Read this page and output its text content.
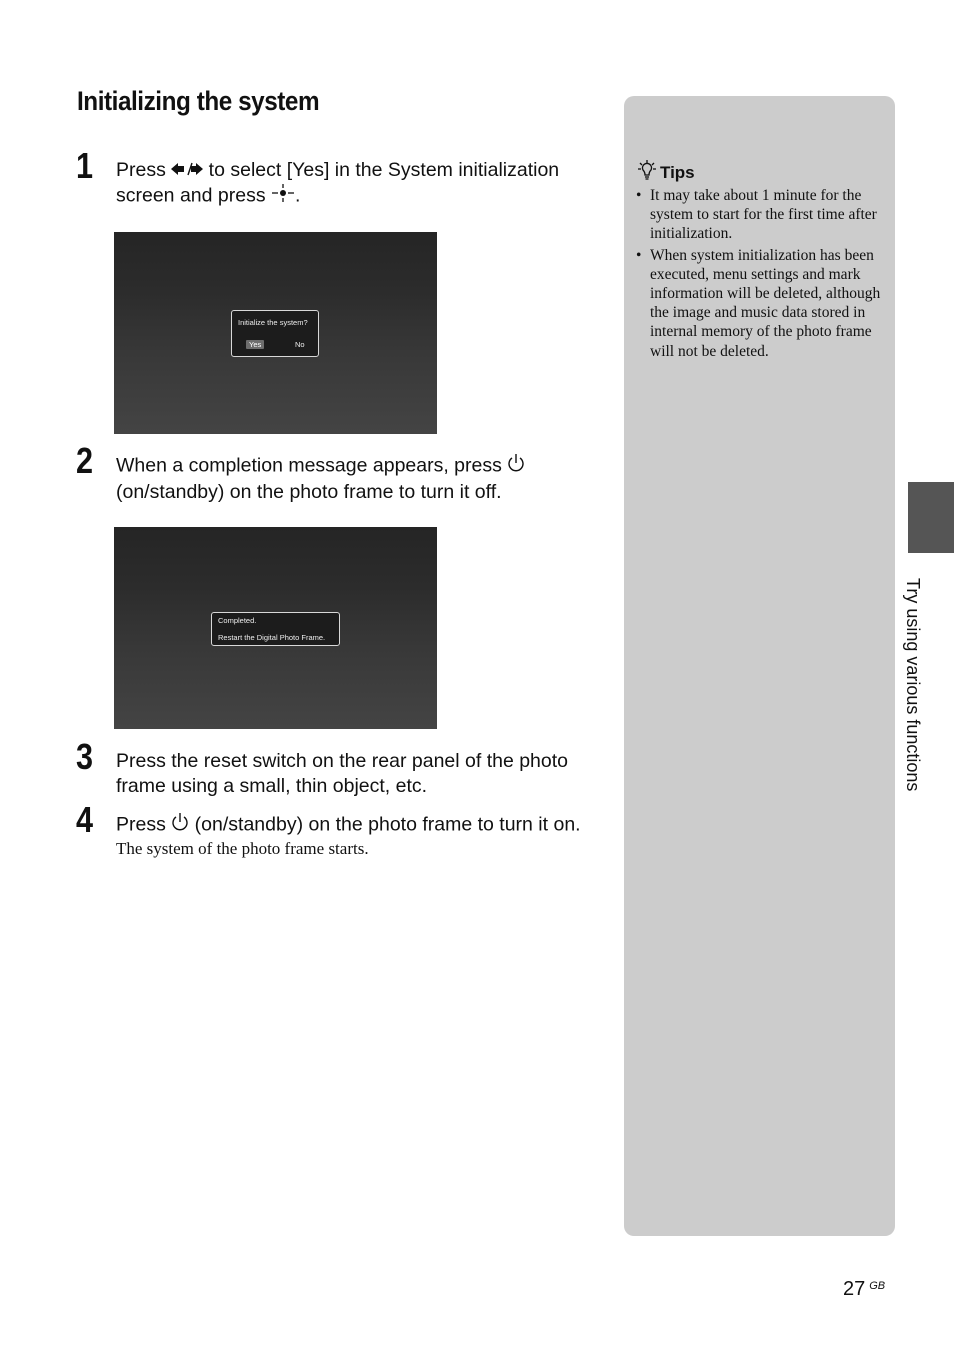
Initializing the system
1 Press  to select [Yes] in the System initialization screen and press .
Initialize the system?
Yes	No
2 When a completion message appears, press  (on/standby) on the photo frame to turn it off.
Completed.
Restart the Digital Photo Frame.
3 Press the reset switch on the rear panel of the photo frame using a small, thin object, etc.
4 Press  (on/standby) on the photo frame to turn it on.
The system of the photo frame starts.
Tips
• It may take about 1 minute for the system to start for the first time after initialization.
• When system initialization has been executed, menu settings and mark information will be deleted, although the image and music data stored in internal memory of the photo frame will not be deleted.
Try using various functions
27 $^{GB}$
